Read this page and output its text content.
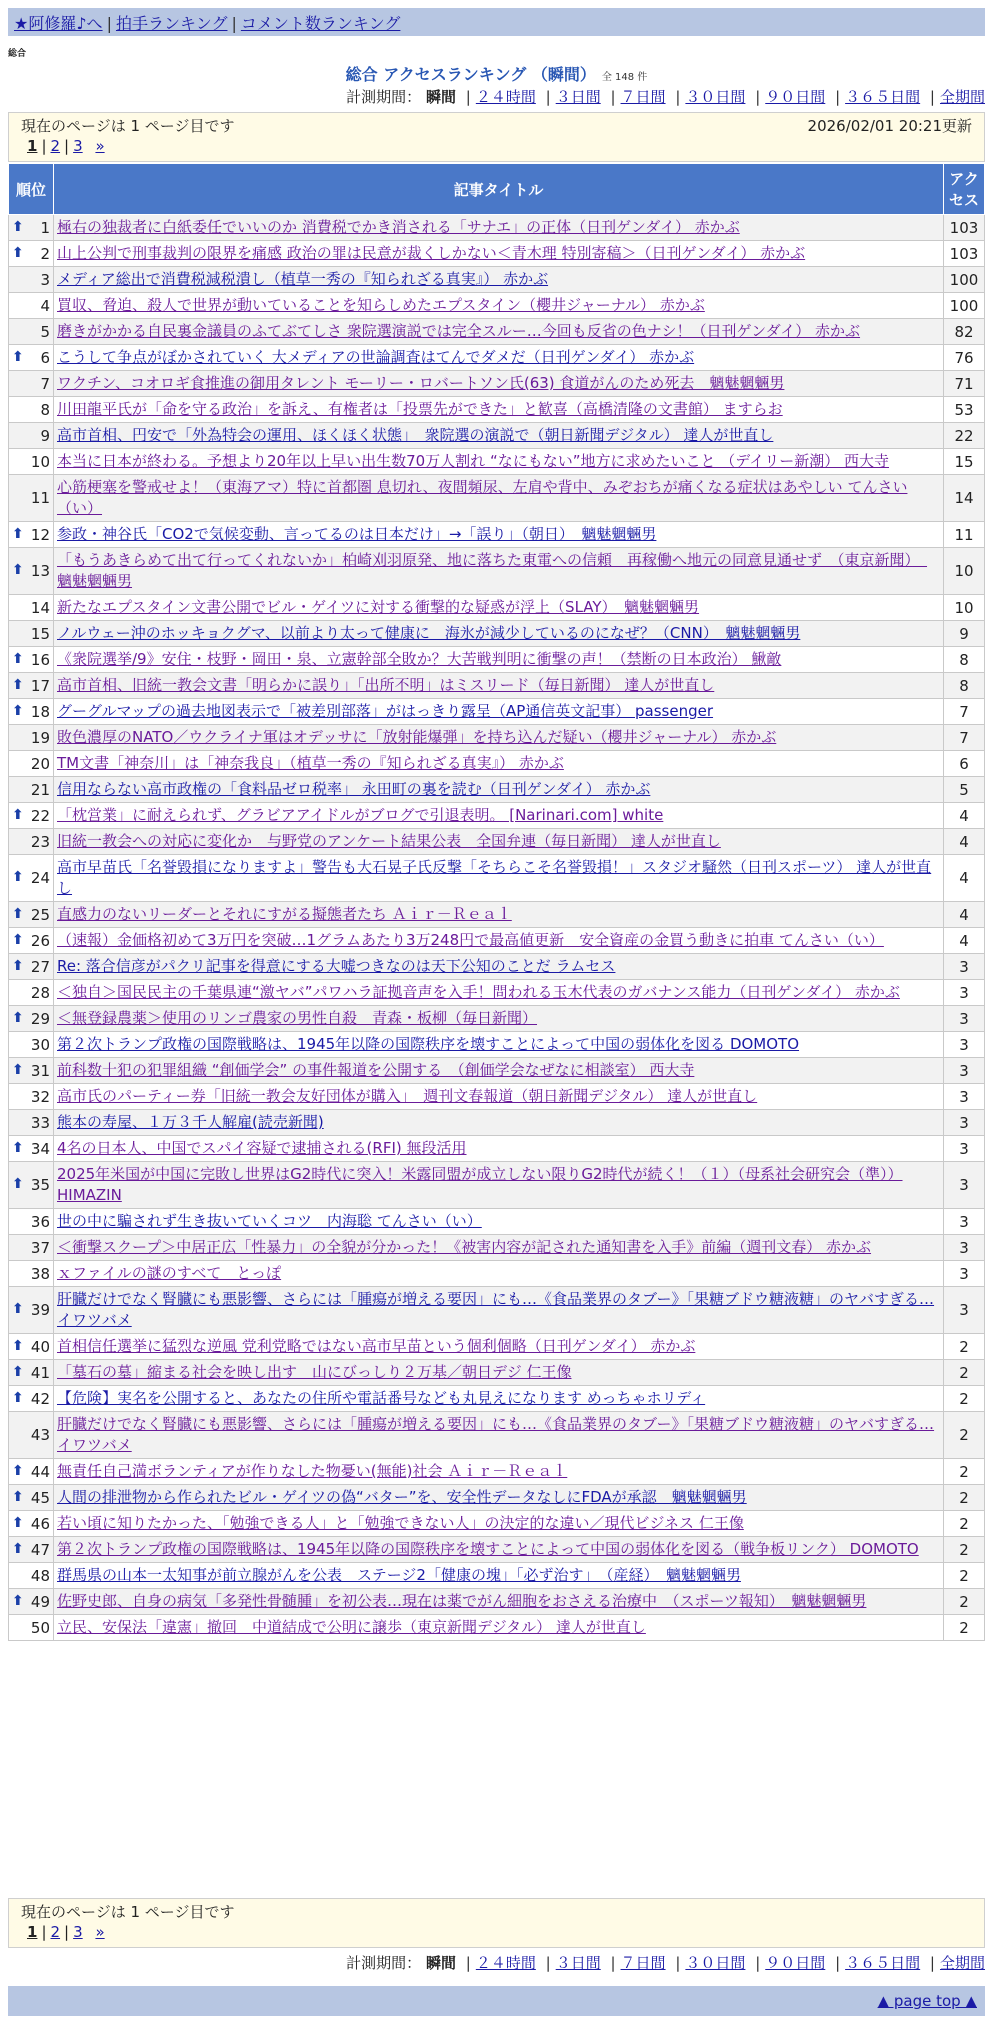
★阿修羅♪へ | 拍手ランキング | コメント数ランキング
総合
総合 アクセスランキング （瞬間） 全 148 件
計測期間： 瞬間 | ２４時間 | ３日間 | ７日間 | ３０日間 | ９０日間 | ３６５日間 | 全期間
現在のページは 1 ページ目です	2026/02/01 20:21更新
1 | 2 | 3 »
順位	記事タイトル	アクセス

⬆ 1	極右の独裁者に白紙委任でいいのか 消費税でかき消される「サナエ」の正体（日刊ゲンダイ） 赤かぶ	103

⬆ 2	山上公判で刑事裁判の限界を痛感 政治の罪は民意が裁くしかない＜青木理 特別寄稿＞（日刊ゲンダイ） 赤かぶ	103
3	メディア総出で消費税減税潰し（植草一秀の『知られざる真実』） 赤かぶ	100
4	買収、脅迫、殺人で世界が動いていることを知らしめたエプスタイン（櫻井ジャーナル） 赤かぶ	100
5	磨きがかかる自民裏金議員のふてぶてしさ 衆院選演説では完全スルー…今回も反省の色ナシ！（日刊ゲンダイ） 赤かぶ	82

⬆ 6	こうして争点がぼかされていく 大メディアの世論調査はてんでダメだ（日刊ゲンダイ） 赤かぶ	76
7	ワクチン、コオロギ食推進の御用タレント モーリー・ロバートソン氏(63) 食道がんのため死去　魑魅魍魎男	71
8	川田龍平氏が「命を守る政治」を訴え、有権者は「投票先ができた」と歓喜（高橋清隆の文書館） ますらお	53
9	高市首相、円安で「外為特会の運用、ほくほく状態」　衆院選の演説で（朝日新聞デジタル） 達人が世直し	22
10	本当に日本が終わる。予想より20年以上早い出生数70万人割れ “なにもない”地方に求めたいこと （デイリー新潮） 西大寺	15
11	心筋梗塞を警戒せよ！（東海アマ）特に首都圏 息切れ、夜間頻尿、左肩や背中、みぞおちが痛くなる症状はあやしい てんさい（い）	14

⬆ 12	参政・神谷氏「CO2で気候変動、言ってるのは日本だけ」→「誤り」（朝日）　魑魅魍魎男	11

⬆ 13	「もうあきらめて出て行ってくれないか」柏崎刈羽原発、地に落ちた東電への信頼　再稼働へ地元の同意見通せず　（東京新聞）　魑魅魍魎男	10
14	新たなエプスタイン文書公開でビル・ゲイツに対する衝撃的な疑惑が浮上（SLAY）　魑魅魍魎男	10
15	ノルウェー沖のホッキョクグマ、以前より太って健康に　海氷が減少しているのになぜ？（CNN）　魑魅魍魎男	9

⬆ 16	《衆院選挙/9》安住・枝野・岡田・泉、立憲幹部全敗か？大苦戦判明に衝撃の声！（禁断の日本政治） 鰍敵	8

⬆ 17	高市首相、旧統一教会文書「明らかに誤り」「出所不明」はミスリード（毎日新聞） 達人が世直し	8

⬆ 18	グーグルマップの過去地図表示で「被差別部落」がはっきり露呈（AP通信英文記事） passenger	7
19	敗色濃厚のNATO／ウクライナ軍はオデッサに「放射能爆弾」を持ち込んだ疑い（櫻井ジャーナル） 赤かぶ	7
20	TM文書「神奈川」は「神奈我良」（植草一秀の『知られざる真実』） 赤かぶ	6
21	信用ならない高市政権の「食料品ゼロ税率」 永田町の裏を読む（日刊ゲンダイ） 赤かぶ	5

⬆ 22	「枕営業」に耐えられず、グラビアアイドルがブログで引退表明。 [Narinari.com] white	4
23	旧統一教会への対応に変化か　与野党のアンケート結果公表　全国弁連（毎日新聞） 達人が世直し	4

⬆ 24	高市早苗氏「名誉毀損になりますよ」警告も大石晃子氏反撃「そちらこそ名誉毀損！」スタジオ騒然（日刊スポーツ） 達人が世直し	4

⬆ 25	直感力のないリーダーとそれにすがる擬態者たち Ａｉｒ－Ｒｅａｌ	4

⬆ 26	（速報）金価格初めて3万円を突破…1グラムあたり3万248円で最高値更新　安全資産の金買う動きに拍車 てんさい（い）	4

⬆ 27	Re: 落合信彦がパクリ記事を得意にする大嘘つきなのは天下公知のことだ ラムセス	3
28	＜独自＞国民民主の千葉県連“激ヤバ”パワハラ証拠音声を入手！問われる玉木代表のガバナンス能力（日刊ゲンダイ） 赤かぶ	3

⬆ 29	＜無登録農薬＞使用のリンゴ農家の男性自殺　青森・板柳（毎日新聞）	3
30	第２次トランプ政権の国際戦略は、1945年以降の国際秩序を壊すことによって中国の弱体化を図る DOMOTO	3

⬆ 31	前科数十犯の犯罪組織 “創価学会” の事件報道を公開する　（創価学会なぜなに相談室） 西大寺	3
32	高市氏のパーティー券「旧統一教会友好団体が購入」　週刊文春報道（朝日新聞デジタル） 達人が世直し	3
33	熊本の寿屋、１万３千人解雇(読売新聞)	3

⬆ 34	4名の日本人、中国でスパイ容疑で逮捕される(RFI) 無段活用	3

⬆ 35	2025年米国が中国に完敗し世界はG2時代に突入！米露同盟が成立しない限りG2時代が続く！（１）（母系社会研究会（準）） HIMAZIN	3
36	世の中に騙されず生き抜いていくコツ　内海聡 てんさい（い）	3
37	＜衝撃スクープ＞中居正広「性暴力」の全貌が分かった！《被害内容が記された通知書を入手》前編（週刊文春） 赤かぶ	3
38	ｘファイルの謎のすべて　とっぽ	3

⬆ 39	肝臓だけでなく腎臓にも悪影響、さらには「腫瘍が増える要因」にも…《食品業界のタブー》「果糖ブドウ糖液糖」のヤバすぎる… イワツバメ	3

⬆ 40	首相信任選挙に猛烈な逆風 党利党略ではない高市早苗という個利個略（日刊ゲンダイ） 赤かぶ	2

⬆ 41	「墓石の墓」縮まる社会を映し出す　山にびっしり２万基／朝日デジ 仁王像	2

⬆ 42	【危険】実名を公開すると、あなたの住所や電話番号なども丸見えになります めっちゃホリディ	2
43	肝臓だけでなく腎臓にも悪影響、さらには「腫瘍が増える要因」にも…《食品業界のタブー》「果糖ブドウ糖液糖」のヤバすぎる… イワツバメ	2

⬆ 44	無責任自己満ボランティアが作りなした物憂い(無能)社会 Ａｉｒ－Ｒｅａｌ	2

⬆ 45	人間の排泄物から作られたビル・ゲイツの偽“バター”を、安全性データなしにFDAが承認　魑魅魍魎男	2

⬆ 46	若い頃に知りたかった、「勉強できる人」と「勉強できない人」の決定的な違い／現代ビジネス 仁王像	2

⬆ 47	第２次トランプ政権の国際戦略は、1945年以降の国際秩序を壊すことによって中国の弱体化を図る（戦争板リンク） DOMOTO	2
48	群馬県の山本一太知事が前立腺がんを公表　ステージ2「健康の塊」「必ず治す」　（産経）　魑魅魍魎男	2

⬆ 49	佐野史郎、自身の病気「多発性骨髄腫」を初公表…現在は薬でがん細胞をおさえる治療中　（スポーツ報知）　魑魅魍魎男	2
50	立民、安保法「違憲」撤回　中道結成で公明に譲歩（東京新聞デジタル） 達人が世直し	2
現在のページは 1 ページ目です
1 | 2 | 3 »
計測期間： 瞬間 | ２４時間 | ３日間 | ７日間 | ３０日間 | ９０日間 | ３６５日間 | 全期間
▲ page top ▲
